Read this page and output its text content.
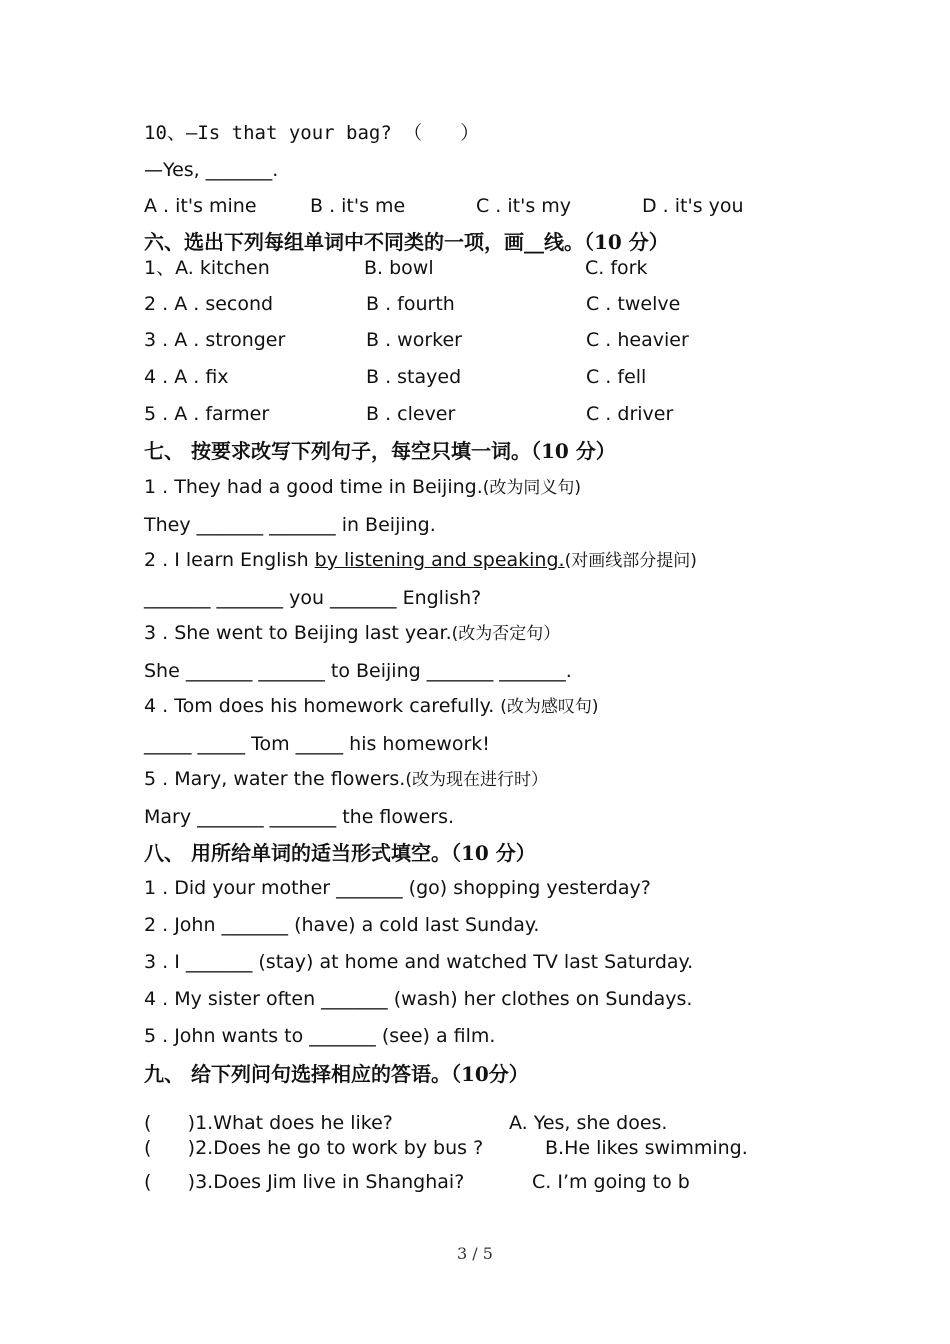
10、—Is that your bag? （　　）
—Yes, _______.
A . it's mine	B . it's me	C . it's my	D . it's you
六、选出下列每组单词中不同类的一项，画__线。（10 分）
1、A. kitchen	B. bowl	C. fork
2 . A . second	B . fourth	C . twelve
3 . A . stronger	B . worker	C . heavier
4 . A . fix	B . stayed	C . fell
5 . A . farmer	B . clever	C . driver
七、 按要求改写下列句子，每空只填一词。（10 分）
1 . They had a good time in Beijing.(改为同义句)
They _______ _______ in Beijing.
2 . I learn English by listening and speaking.(对画线部分提问)
_______ _______ you _______ English?
3 . She went to Beijing last year.(改为否定句）
She _______ _______ to Beijing _______ _______.
4 . Tom does his homework carefully. (改为感叹句)
_____ _____ Tom _____ his homework!
5 . Mary, water the flowers.(改为现在进行时）
Mary _______ _______ the flowers.
八、 用所给单词的适当形式填空。（10 分）
1 . Did your mother _______ (go) shopping yesterday?
2 . John _______ (have) a cold last Sunday.
3 . I _______ (stay) at home and watched TV last Saturday.
4 . My sister often _______ (wash) her clothes on Sundays.
5 . John wants to _______ (see) a film.
九、 给下列问句选择相应的答语。（10分）
(      )1.What does he like?	A. Yes, she does.
(      )2.Does he go to work by bus ?	B.He likes swimming.
(      )3.Does Jim live in Shanghai?	C. I’m going to b
3 / 5
